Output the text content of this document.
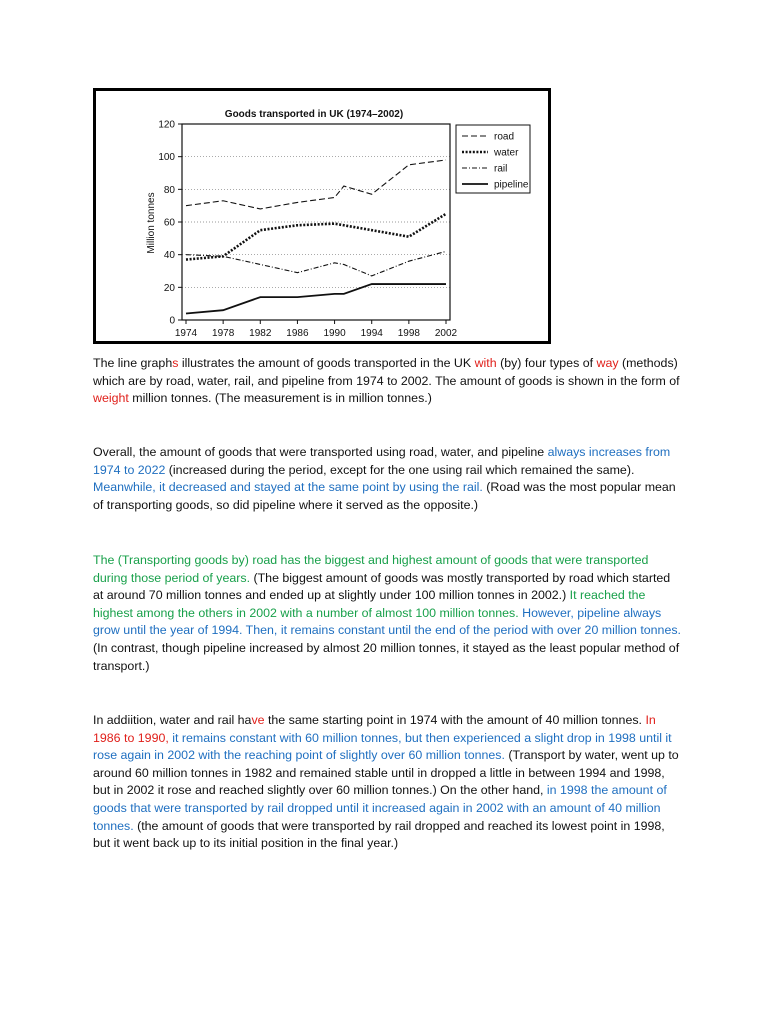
Goods transported in UK (1974–2002)
Million tonnes
0
20
40
60
80
100
120
1974 1978 1982 1986 1990 1994 1998 2002
road
water
rail
pipeline

The line graphs illustrates the amount of goods transported in the UK with (by) four types of way (methods) which are by road, water, rail, and pipeline from 1974 to 2002. The amount of goods is shown in the form of weight million tonnes. (The measurement is in million tonnes.)

Overall, the amount of goods that were transported using road, water, and pipeline always increases from 1974 to 2022 (increased during the period, except for the one using rail which remained the same). Meanwhile, it decreased and stayed at the same point by using the rail. (Road was the most popular mean of transporting goods, so did pipeline where it served as the opposite.)

The (Transporting goods by) road has the biggest and highest amount of goods that were transported during those period of years. (The biggest amount of goods was mostly transported by road which started at around 70 million tonnes and ended up at slightly under 100 million tonnes in 2002.) It reached the highest among the others in 2002 with a number of almost 100 million tonnes. However, pipeline always grow until the year of 1994. Then, it remains constant until the end of the period with over 20 million tonnes. (In contrast, though pipeline increased by almost 20 million tonnes, it stayed as the least popular method of transport.)

In addiition, water and rail have the same starting point in 1974 with the amount of 40 million tonnes. In 1986 to 1990, it remains constant with 60 million tonnes, but then experienced a slight drop in 1998 until it rose again in 2002 with the reaching point of slightly over 60 million tonnes. (Transport by water, went up to around 60 million tonnes in 1982 and remained stable until in dropped a little in between 1994 and 1998, but in 2002 it rose and reached slightly over 60 million tonnes.) On the other hand, in 1998 the amount of goods that were transported by rail dropped until it increased again in 2002 with an amount of 40 million tonnes. (the amount of goods that were transported by rail dropped and reached its lowest point in 1998, but it went back up to its initial position in the final year.)
